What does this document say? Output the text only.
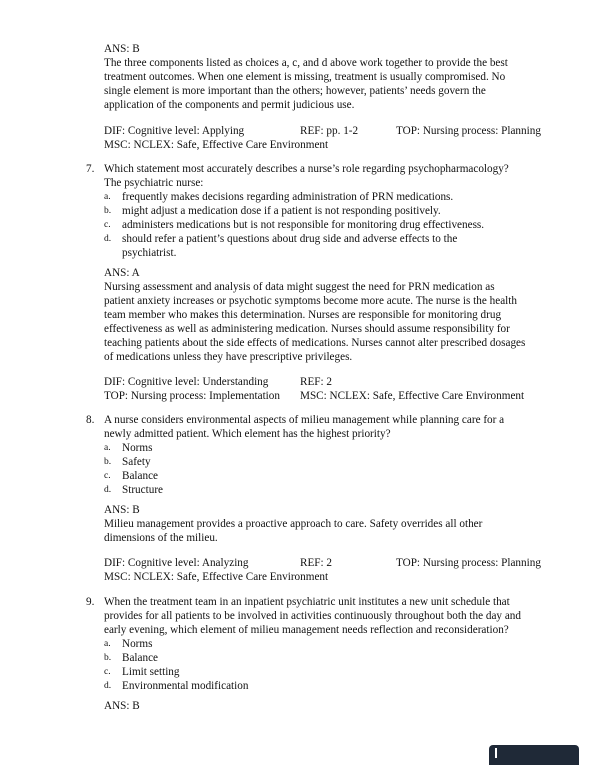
ANS: B

The three components listed as choices a, c, and d above work together to provide the best

treatment outcomes. When one element is missing, treatment is usually compromised. No

single element is more important than the others; however, patients’ needs govern the

application of the components and permit judicious use.

DIF: Cognitive level: Applying	REF: pp. 1-2	TOP: Nursing process: Planning
MSC: NCLEX: Safe, Effective Care Environment
7. Which statement most accurately describes a nurse’s role regarding psychopharmacology?

The psychiatric nurse:

a. frequently makes decisions regarding administration of PRN medications.
b. might adjust a medication dose if a patient is not responding positively.
c. administers medications but is not responsible for monitoring drug effectiveness.
d. should refer a patient’s questions about drug side and adverse effects to the
psychiatrist.
ANS: A

Nursing assessment and analysis of data might suggest the need for PRN medication as

patient anxiety increases or psychotic symptoms become more acute. The nurse is the health

team member who makes this determination. Nurses are responsible for monitoring drug

effectiveness as well as administering medication. Nurses should assume responsibility for

teaching patients about the side effects of medications. Nurses cannot alter prescribed dosages

of medications unless they have prescriptive privileges.

DIF: Cognitive level: Understanding	REF: 2
TOP: Nursing process: Implementation MSC: NCLEX: Safe, Effective Care Environment
8. A nurse considers environmental aspects of milieu management while planning care for a

newly admitted patient. Which element has the highest priority?

a. Norms
b. Safety
c. Balance
d. Structure
ANS: B

Milieu management provides a proactive approach to care. Safety overrides all other

dimensions of the milieu.

DIF: Cognitive level: Analyzing	REF: 2	TOP: Nursing process: Planning
MSC: NCLEX: Safe, Effective Care Environment
9. When the treatment team in an inpatient psychiatric unit institutes a new unit schedule that

provides for all patients to be involved in activities continuously throughout both the day and

early evening, which element of milieu management needs reflection and reconsideration?

a. Norms
b. Balance
c. Limit setting
d. Environmental modification
ANS: B
